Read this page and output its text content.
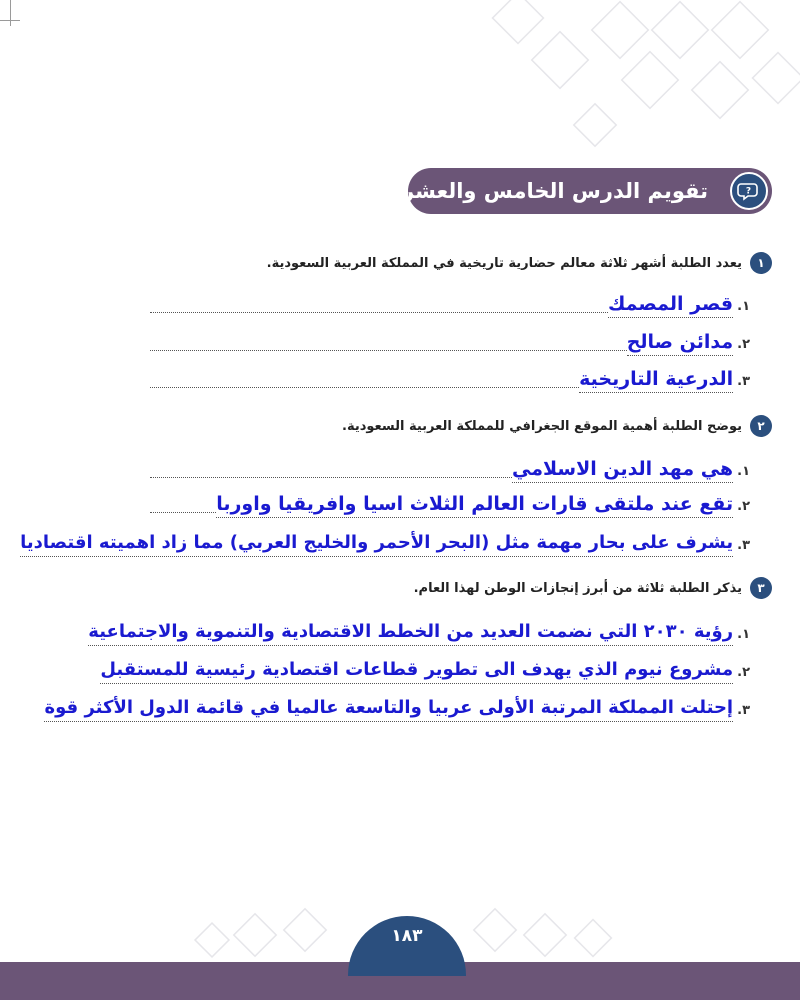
تقويم الدرس الخامس والعشرين	?
١
يعدد الطلبة أشهر ثلاثة معالم حضارية تاريخية في المملكة العربية السعودية.
١.
قصر المصمك
٢.
مدائن صالح
٣.
الدرعية التاريخية
٢
يوضح الطلبة أهمية الموقع الجغرافي للمملكة العربية السعودية.
١.
هي مهد الدين الاسلامي
٢.
تقع عند ملتقى قارات العالم الثلاث اسيا وافريقيا واوربا
٣.
يشرف على بحار مهمة مثل (البحر الأحمر والخليج العربي) مما زاد اهميته اقتصاديا
٣
يذكر الطلبة ثلاثة من أبرز إنجازات الوطن لهذا العام.
١.
رؤية ٢٠٣٠ التي نضمت العديد من الخطط الاقتصادية والتنموية والاجتماعية
٢.
مشروع نيوم الذي يهدف الى تطوير قطاعات اقتصادية رئيسية للمستقبل
٣.
إحتلت المملكة المرتبة الأولى عربيا والتاسعة عالميا في قائمة الدول الأكثر قوة
١٨٣
